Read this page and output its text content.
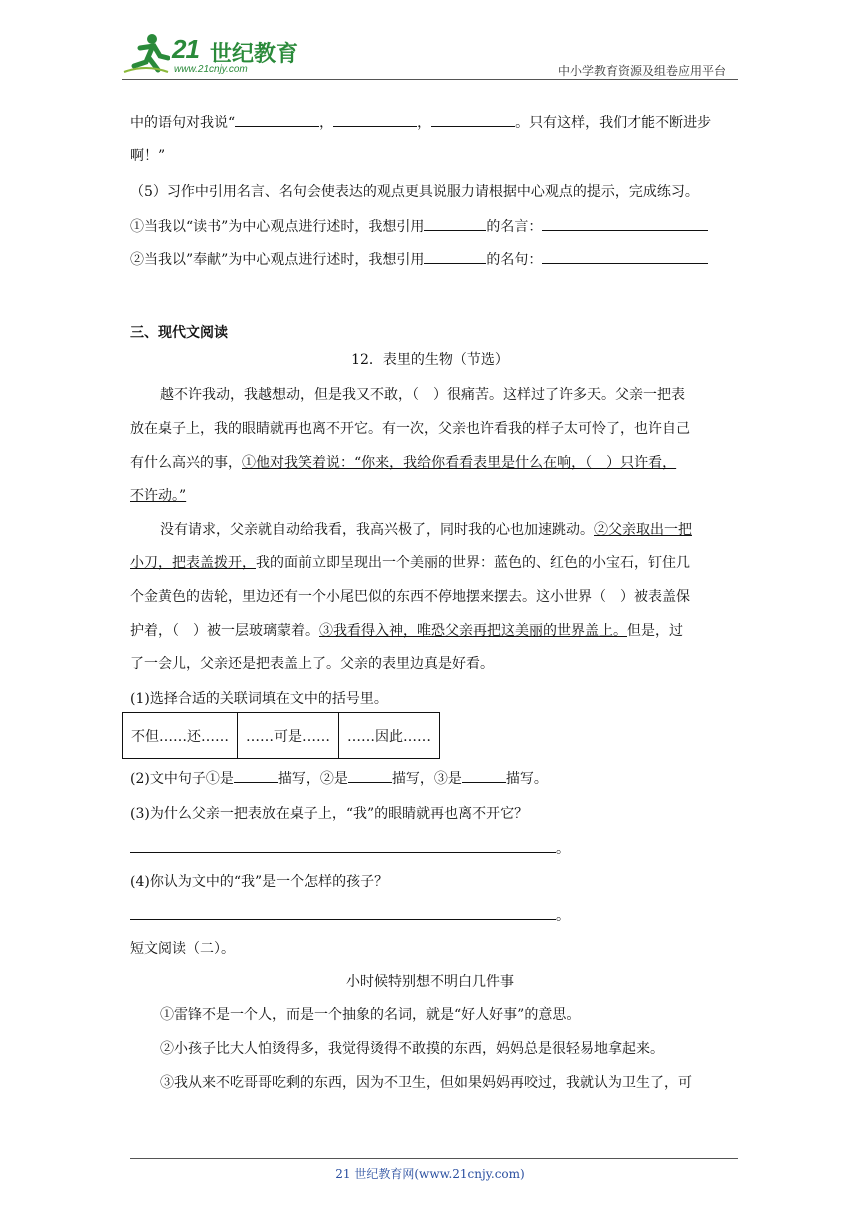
21 世纪教育
www.21cnjy.com	中小学教育资源及组卷应用平台
中的语句对我说“	，	，	。只有这样，我们才能不断进步
啊！”
（5）习作中引用名言、名句会使表达的观点更具说服力请根据中心观点的提示，完成练习。
①当我以“读书”为中心观点进行述时，我想引用	的名言：
②当我以”奉献”为中心观点进行述时，我想引用	的名句：
三、现代文阅读
12．表里的生物（节选）
越不许我动，我越想动，但是我又不敢，（　）很痛苦。这样过了许多天。父亲一把表
放在桌子上，我的眼睛就再也离不开它。有一次，父亲也许看我的样子太可怜了，也许自己
有什么高兴的事，①他对我笑着说：“你来，我给你看看表里是什么在响，（　）只许看，
不许动。”
没有请求，父亲就自动给我看，我高兴极了，同时我的心也加速跳动。②父亲取出一把
小刀，把表盖拨开，我的面前立即呈现出一个美丽的世界：蓝色的、红色的小宝石，钉住几
个金黄色的齿轮，里边还有一个小尾巴似的东西不停地摆来摆去。这小世界（　）被表盖保
护着，（　）被一层玻璃蒙着。③我看得入神，唯恐父亲再把这美丽的世界盖上。但是，过
了一会儿，父亲还是把表盖上了。父亲的表里边真是好看。
(1)选择合适的关联词填在文中的括号里。
不但……还……	……可是……	……因此……
(2)文中句子①是	描写，②是	描写，③是	描写。
(3)为什么父亲一把表放在桌子上，“我”的眼睛就再也离不开它？
。
(4)你认为文中的“我”是一个怎样的孩子？
。
短文阅读（二）。
小时候特别想不明白几件事
①雷锋不是一个人，而是一个抽象的名词，就是“好人好事”的意思。
②小孩子比大人怕烫得多，我觉得烫得不敢摸的东西，妈妈总是很轻易地拿起来。
③我从来不吃哥哥吃剩的东西，因为不卫生，但如果妈妈再咬过，我就认为卫生了，可
21 世纪教育网(www.21cnjy.com)
